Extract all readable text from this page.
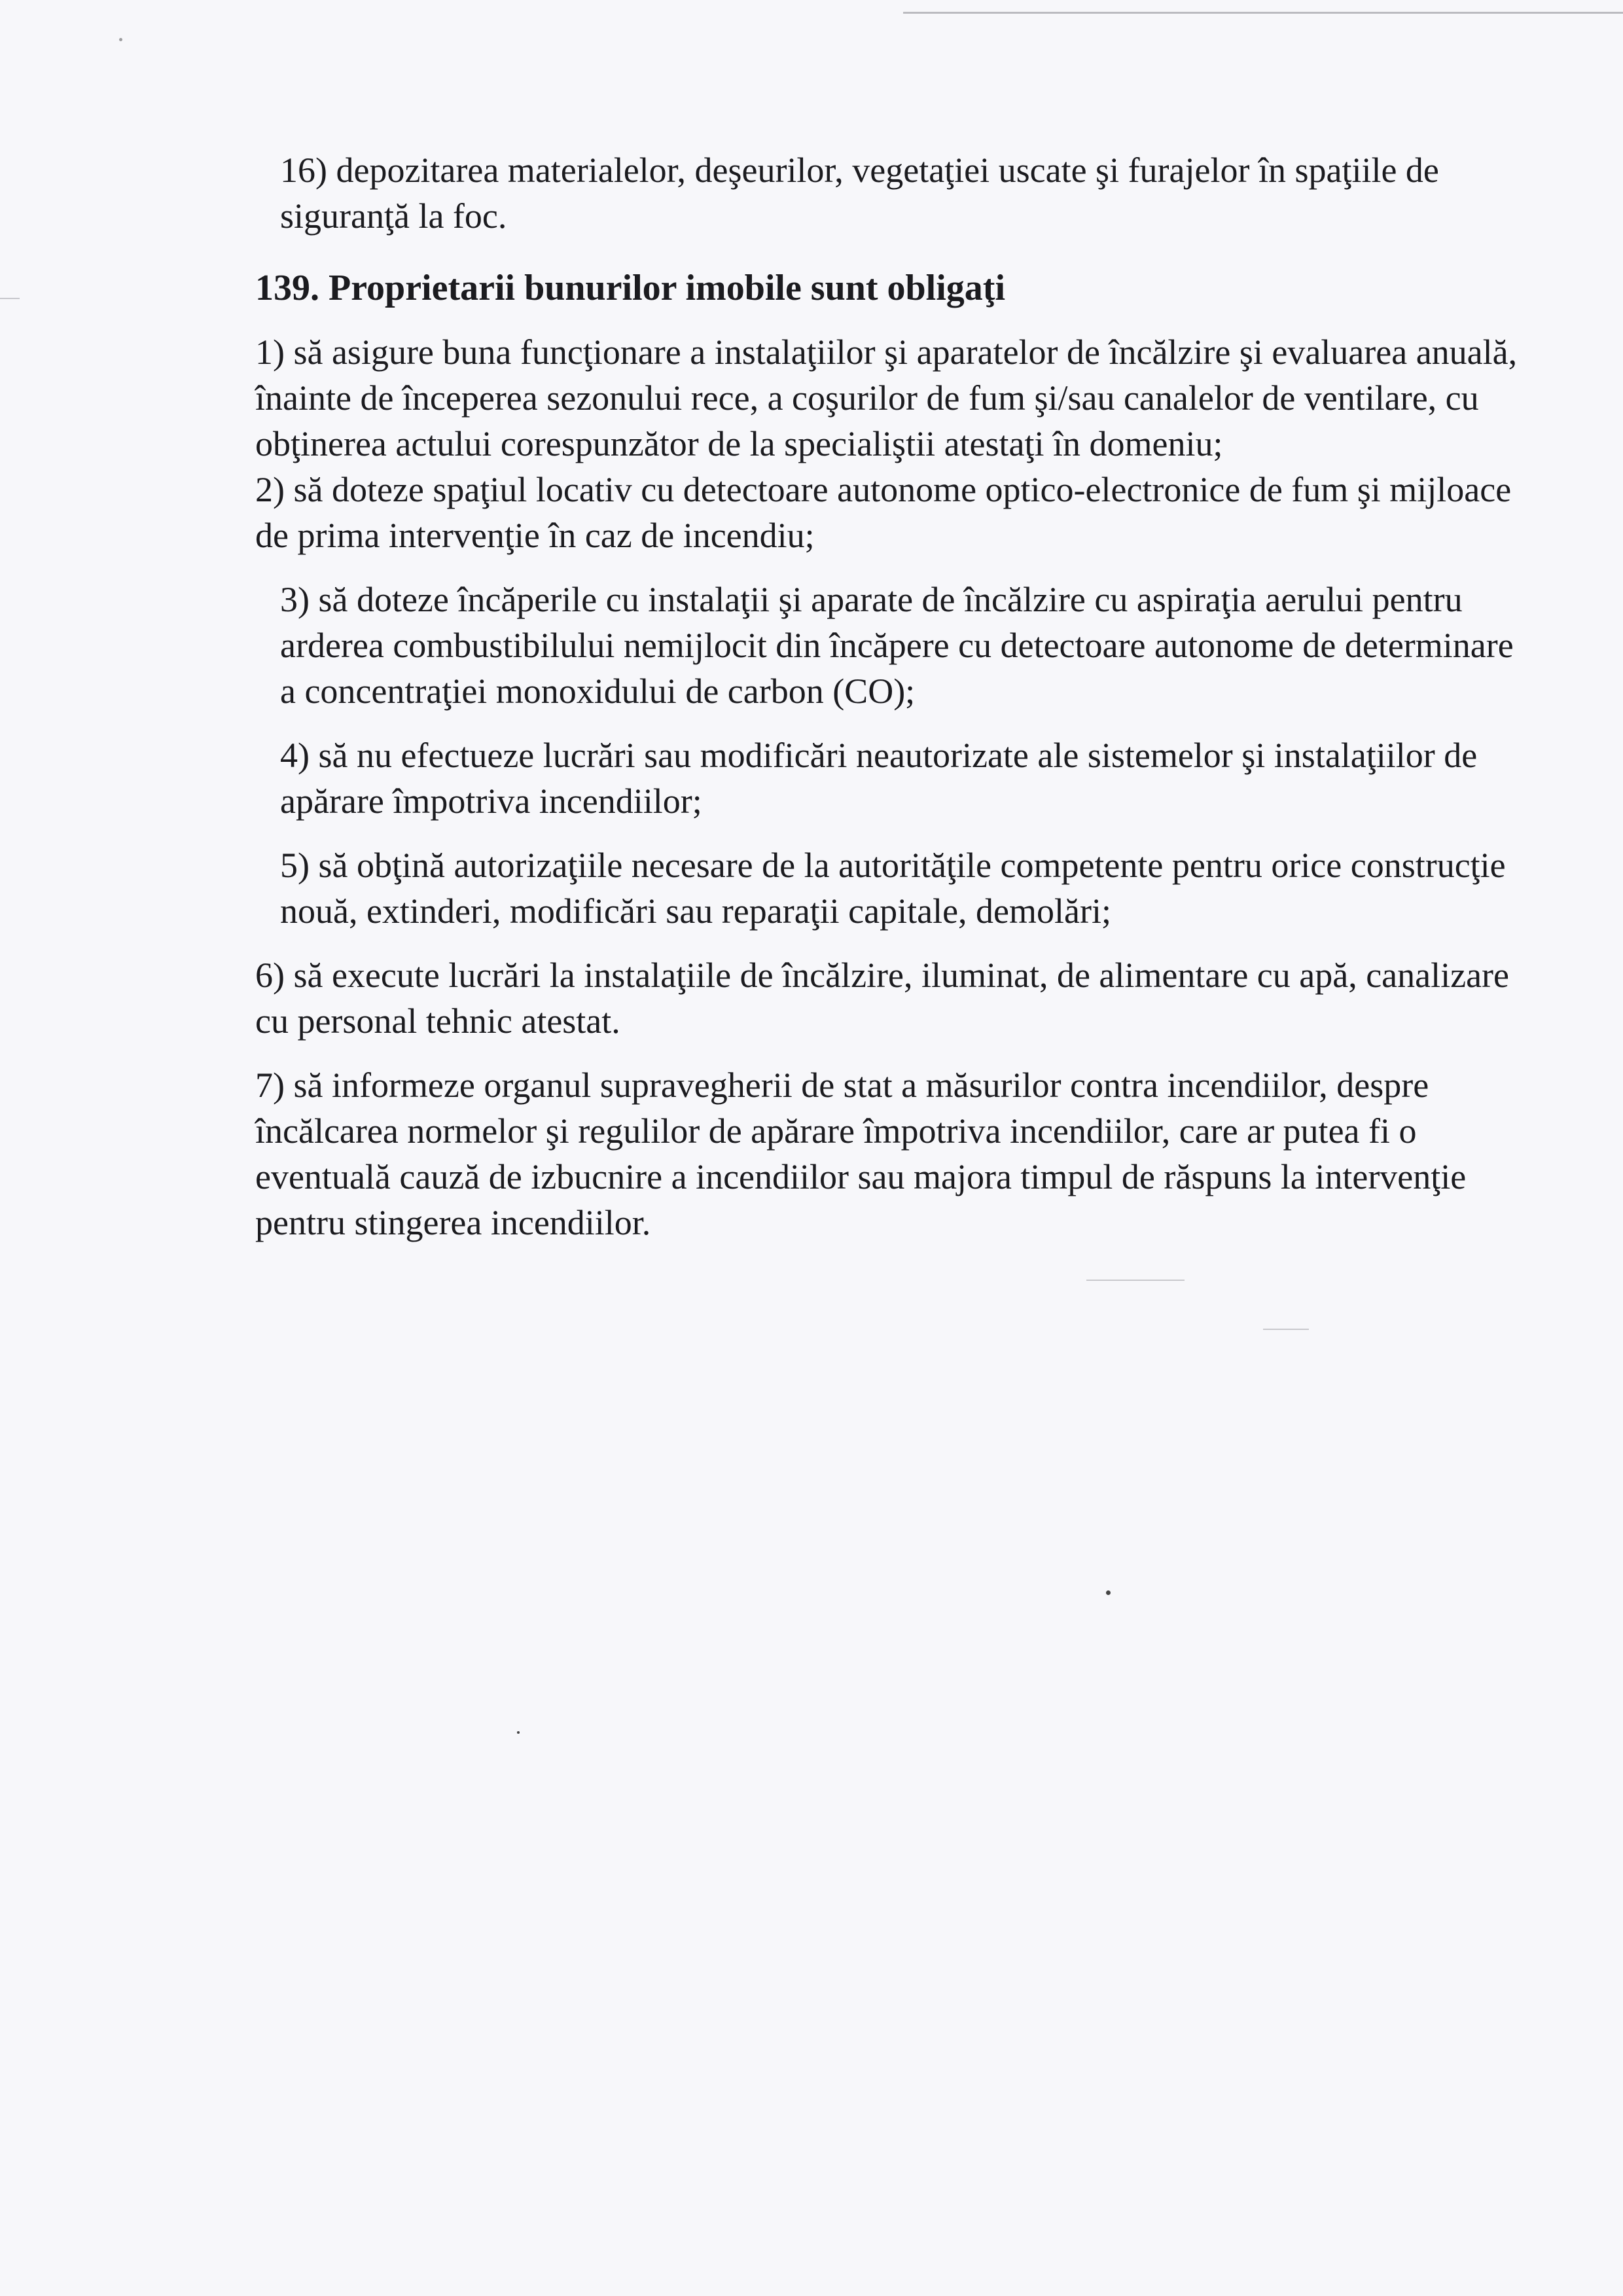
16) depozitarea materialelor, deşeurilor, vegetaţiei uscate şi furajelor în spaţiile de siguranţă la foc.

139. Proprietarii bunurilor imobile sunt obligaţi

1) să asigure buna funcţionare a instalaţiilor şi aparatelor de încălzire şi evaluarea anuală, înainte de începerea sezonului rece, a coşurilor de fum şi/sau canalelor de ventilare, cu obţinerea actului corespunzător de la specialiştii atestaţi în domeniu;

2) să doteze spaţiul locativ cu detectoare autonome optico-electronice de fum şi mijloace de prima intervenţie în caz de incendiu;

3) să doteze încăperile cu instalaţii şi aparate de încălzire cu aspiraţia aerului pentru arderea combustibilului nemijlocit din încăpere cu detectoare autonome de determinare a concentraţiei monoxidului de carbon (CO);

4) să nu efectueze lucrări sau modificări neautorizate ale sistemelor şi instalaţiilor de apărare împotriva incendiilor;

5) să obţină autorizaţiile necesare de la autorităţile competente pentru orice construcţie nouă, extinderi, modificări sau reparaţii capitale, demolări;

6) să execute lucrări la instalaţiile de încălzire, iluminat, de alimentare cu apă, canalizare cu personal tehnic atestat.

7) să informeze organul supravegherii de stat a măsurilor contra incendiilor, despre încălcarea normelor şi regulilor de apărare împotriva incendiilor, care ar putea fi o eventuală cauză de izbucnire a incendiilor sau majora timpul de răspuns la intervenţie pentru stingerea incendiilor.
